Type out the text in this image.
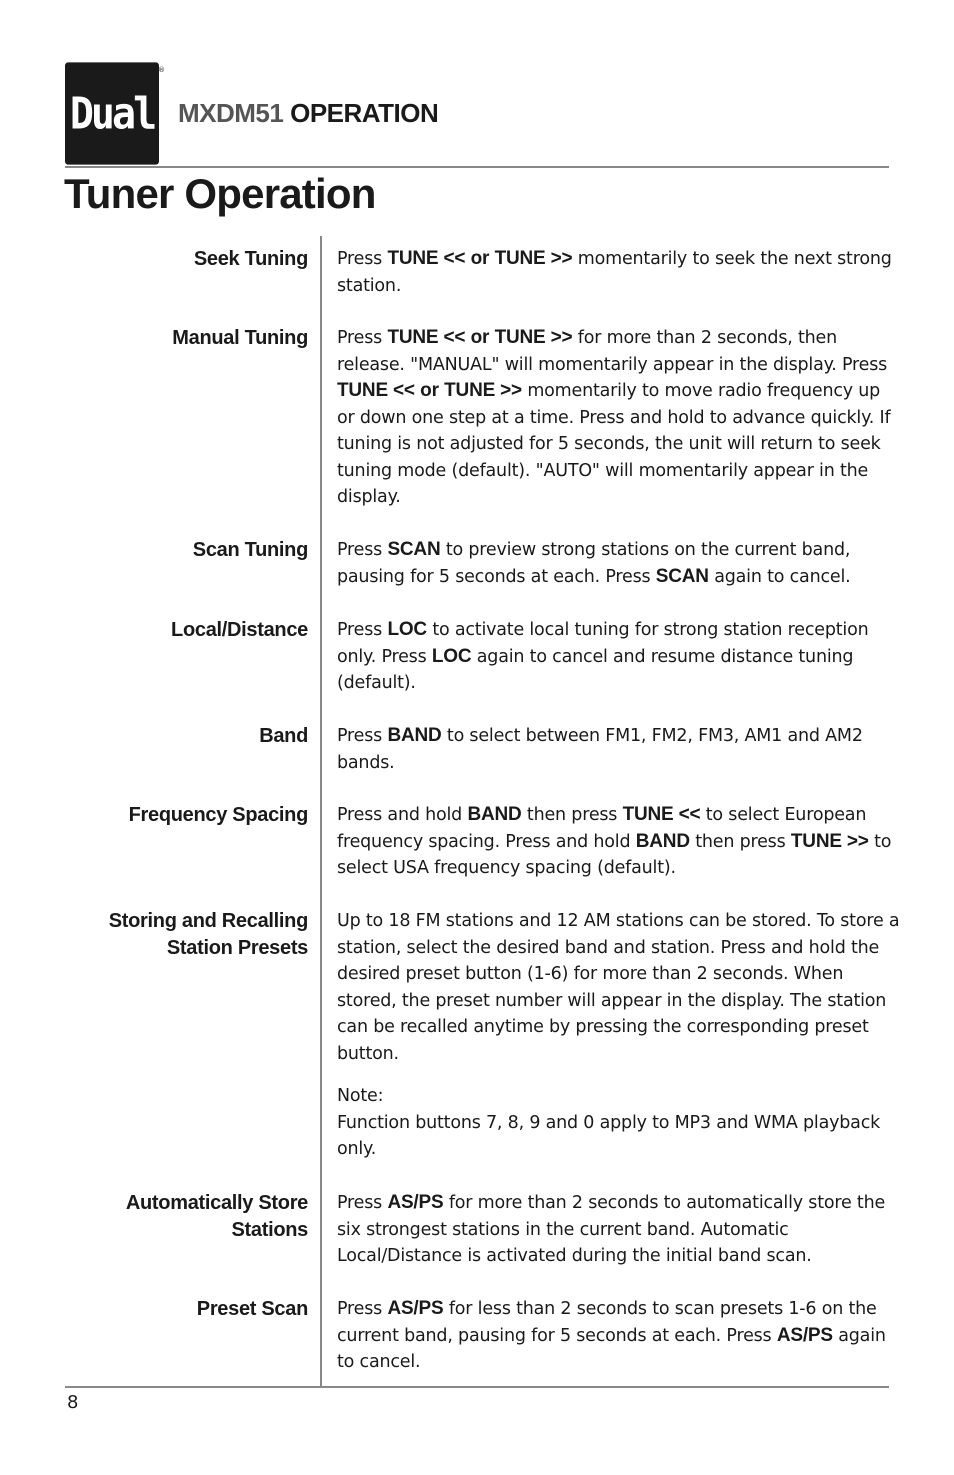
Dual
®
MXDM51 OPERATION
Tuner Operation
Seek Tuning Press TUNE << or TUNE >> momentarily to seek the next strong station.

Manual Tuning Press TUNE << or TUNE >> for more than 2 seconds, then release. "MANUAL" will momentarily appear in the display. Press TUNE << or TUNE >> momentarily to move radio frequency up or down one step at a time. Press and hold to advance quickly. If tuning is not adjusted for 5 seconds, the unit will return to seek tuning mode (default). "AUTO" will momentarily appear in the display.

Scan Tuning Press SCAN to preview strong stations on the current band, pausing for 5 seconds at each. Press SCAN again to cancel.

Local/Distance Press LOC to activate local tuning for strong station reception only. Press LOC again to cancel and resume distance tuning (default).

Band Press BAND to select between FM1, FM2, FM3, AM1 and AM2 bands.

Frequency Spacing Press and hold BAND then press TUNE << to select European frequency spacing. Press and hold BAND then press TUNE >> to select USA frequency spacing (default).

Storing and Recalling
Station Presets

Up to 18 FM stations and 12 AM stations can be stored. To store a station, select the desired band and station. Press and hold the desired preset button (1-6) for more than 2 seconds. When stored, the preset number will appear in the display. The station can be recalled anytime by pressing the corresponding preset button.

Note:

Function buttons 7, 8, 9 and 0 apply to MP3 and WMA playback only.

Automatically Store
Stations

Press AS/PS for more than 2 seconds to automatically store the six strongest stations in the current band. Automatic Local/Distance is activated during the initial band scan.

Preset Scan Press AS/PS for less than 2 seconds to scan presets 1-6 on the current band, pausing for 5 seconds at each. Press AS/PS again to cancel.

8
